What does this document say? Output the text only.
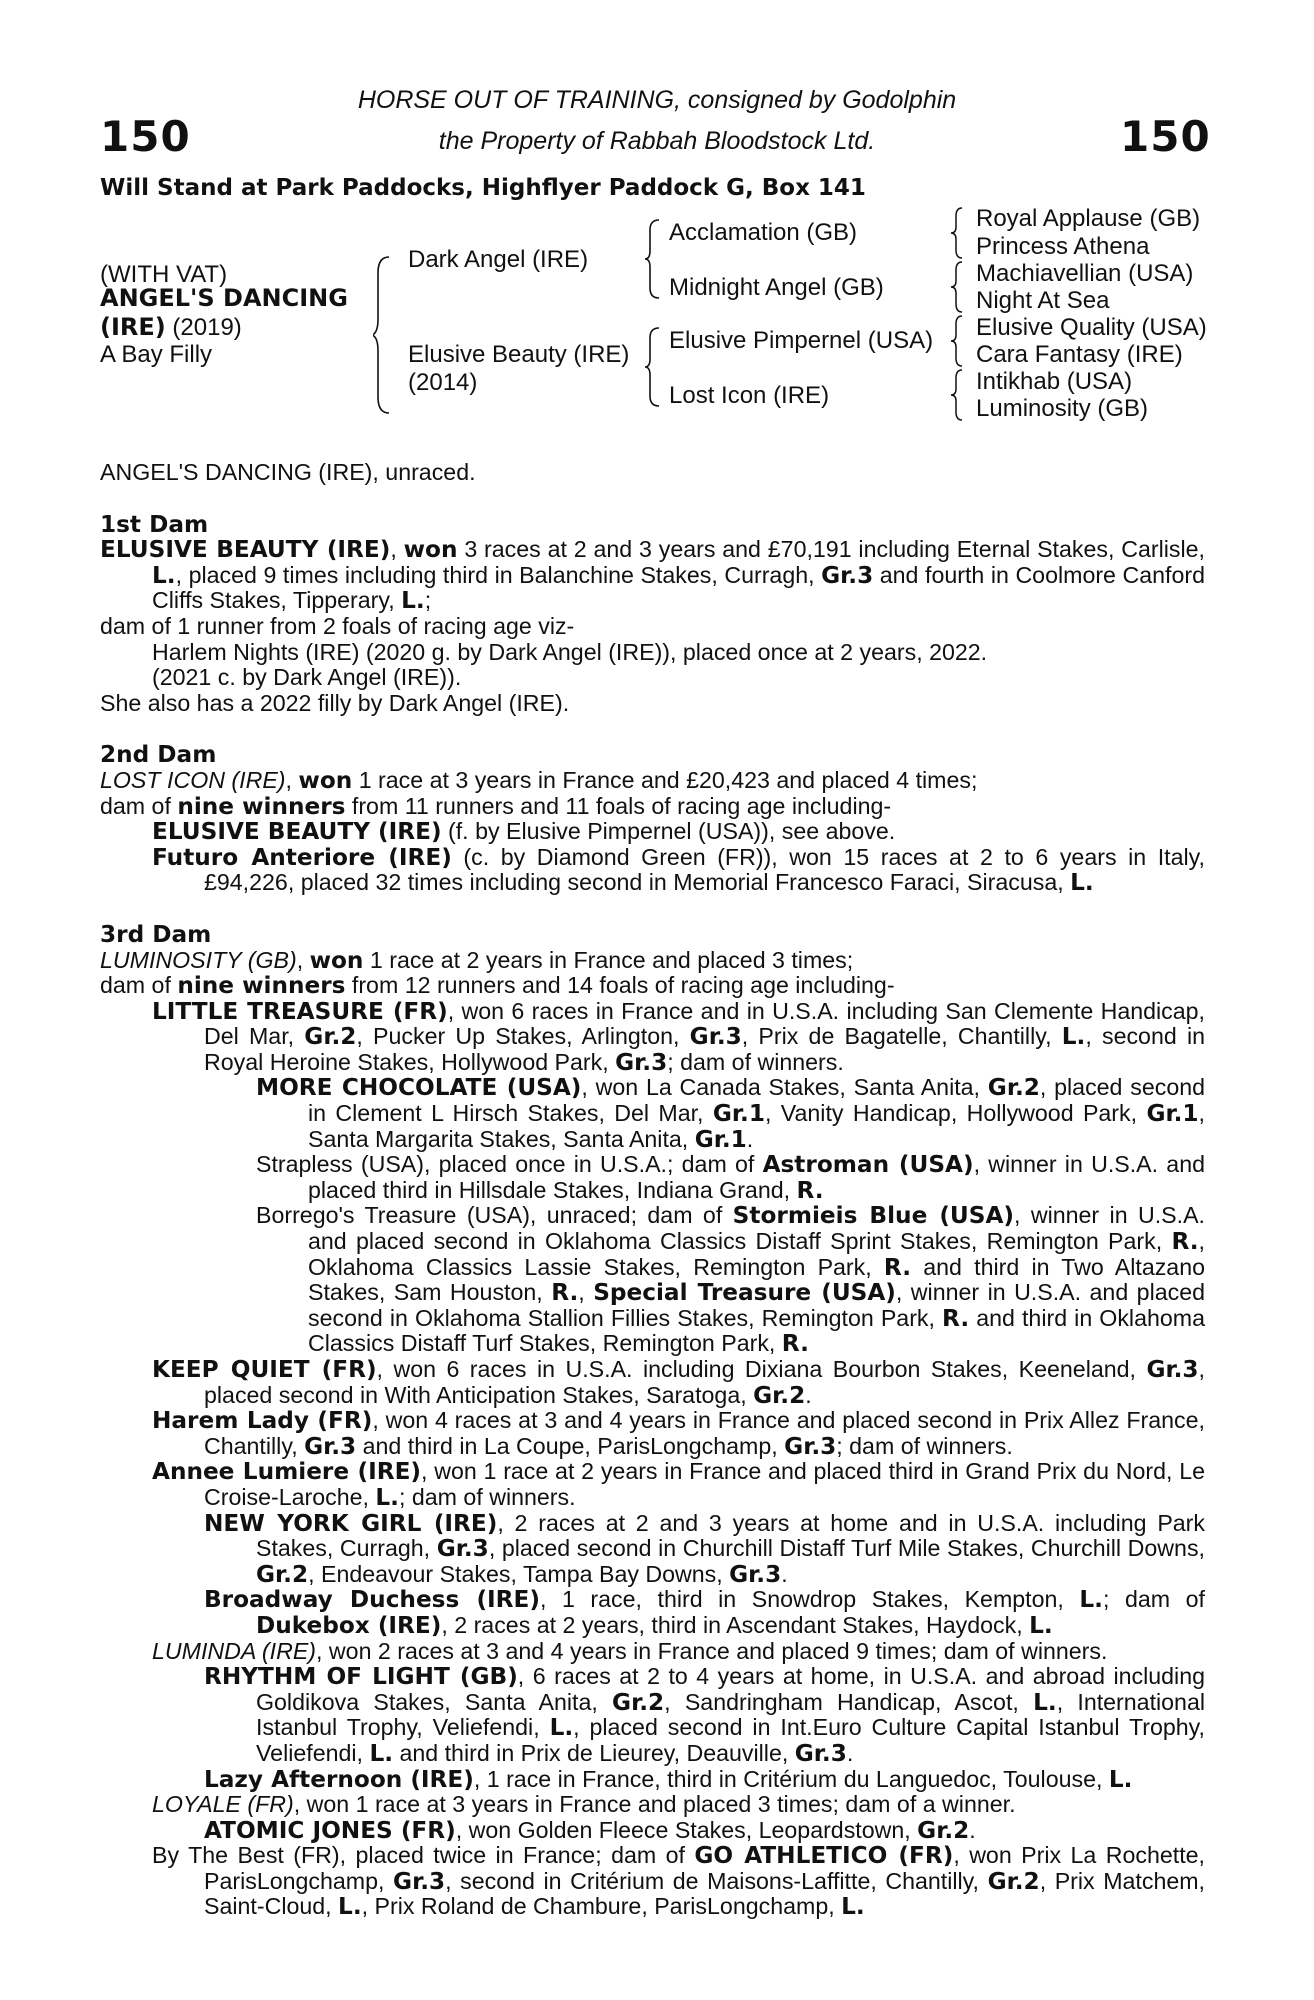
150	150
HORSE OUT OF TRAINING, consigned by Godolphin
the Property of Rabbah Bloodstock Ltd.
Will Stand at Park Paddocks, Highflyer Paddock G, Box 141
(WITH VAT)
ANGEL'S DANCING
(IRE) (2019)
A Bay Filly
Dark Angel (IRE)
Elusive Beauty (IRE)
(2014)
Acclamation (GB)
Midnight Angel (GB)
Elusive Pimpernel (USA)
Lost Icon (IRE)
Royal Applause (GB)
Princess Athena
Machiavellian (USA)
Night At Sea
Elusive Quality (USA)
Cara Fantasy (IRE)
Intikhab (USA)
Luminosity (GB)
ANGEL'S DANCING (IRE), unraced.
1st Dam
ELUSIVE BEAUTY (IRE), won 3 races at 2 and 3 years and £70,191 including Eternal Stakes, Carlisle, L., placed 9 times including third in Balanchine Stakes, Curragh, Gr.3 and fourth in Coolmore Canford Cliffs Stakes, Tipperary, L.;
dam of 1 runner from 2 foals of racing age viz-
Harlem Nights (IRE) (2020 g. by Dark Angel (IRE)), placed once at 2 years, 2022.
(2021 c. by Dark Angel (IRE)).
She also has a 2022 filly by Dark Angel (IRE).
2nd Dam
LOST ICON (IRE), won 1 race at 3 years in France and £20,423 and placed 4 times;
dam of nine winners from 11 runners and 11 foals of racing age including-
ELUSIVE BEAUTY (IRE) (f. by Elusive Pimpernel (USA)), see above.
Futuro Anteriore (IRE) (c. by Diamond Green (FR)), won 15 races at 2 to 6 years in Italy, £94,226, placed 32 times including second in Memorial Francesco Faraci, Siracusa, L.
3rd Dam
LUMINOSITY (GB), won 1 race at 2 years in France and placed 3 times;
dam of nine winners from 12 runners and 14 foals of racing age including-
LITTLE TREASURE (FR), won 6 races in France and in U.S.A. including San Clemente Handicap, Del Mar, Gr.2, Pucker Up Stakes, Arlington, Gr.3, Prix de Bagatelle, Chantilly, L., second in Royal Heroine Stakes, Hollywood Park, Gr.3; dam of winners.
MORE CHOCOLATE (USA), won La Canada Stakes, Santa Anita, Gr.2, placed second in Clement L Hirsch Stakes, Del Mar, Gr.1, Vanity Handicap, Hollywood Park, Gr.1, Santa Margarita Stakes, Santa Anita, Gr.1.
Strapless (USA), placed once in U.S.A.; dam of Astroman (USA), winner in U.S.A. and placed third in Hillsdale Stakes, Indiana Grand, R.
Borrego's Treasure (USA), unraced; dam of Stormieis Blue (USA), winner in U.S.A. and placed second in Oklahoma Classics Distaff Sprint Stakes, Remington Park, R., Oklahoma Classics Lassie Stakes, Remington Park, R. and third in Two Altazano Stakes, Sam Houston, R., Special Treasure (USA), winner in U.S.A. and placed second in Oklahoma Stallion Fillies Stakes, Remington Park, R. and third in Oklahoma Classics Distaff Turf Stakes, Remington Park, R.
KEEP QUIET (FR), won 6 races in U.S.A. including Dixiana Bourbon Stakes, Keeneland, Gr.3, placed second in With Anticipation Stakes, Saratoga, Gr.2.
Harem Lady (FR), won 4 races at 3 and 4 years in France and placed second in Prix Allez France, Chantilly, Gr.3 and third in La Coupe, ParisLongchamp, Gr.3; dam of winners.
Annee Lumiere (IRE), won 1 race at 2 years in France and placed third in Grand Prix du Nord, Le Croise-Laroche, L.; dam of winners.
NEW YORK GIRL (IRE), 2 races at 2 and 3 years at home and in U.S.A. including Park Stakes, Curragh, Gr.3, placed second in Churchill Distaff Turf Mile Stakes, Churchill Downs, Gr.2, Endeavour Stakes, Tampa Bay Downs, Gr.3.
Broadway Duchess (IRE), 1 race, third in Snowdrop Stakes, Kempton, L.; dam of Dukebox (IRE), 2 races at 2 years, third in Ascendant Stakes, Haydock, L.
LUMINDA (IRE), won 2 races at 3 and 4 years in France and placed 9 times; dam of winners.
RHYTHM OF LIGHT (GB), 6 races at 2 to 4 years at home, in U.S.A. and abroad including Goldikova Stakes, Santa Anita, Gr.2, Sandringham Handicap, Ascot, L., International Istanbul Trophy, Veliefendi, L., placed second in Int.Euro Culture Capital Istanbul Trophy, Veliefendi, L. and third in Prix de Lieurey, Deauville, Gr.3.
Lazy Afternoon (IRE), 1 race in France, third in Critérium du Languedoc, Toulouse, L.
LOYALE (FR), won 1 race at 3 years in France and placed 3 times; dam of a winner.
ATOMIC JONES (FR), won Golden Fleece Stakes, Leopardstown, Gr.2.
By The Best (FR), placed twice in France; dam of GO ATHLETICO (FR), won Prix La Rochette, ParisLongchamp, Gr.3, second in Critérium de Maisons-Laffitte, Chantilly, Gr.2, Prix Matchem, Saint-Cloud, L., Prix Roland de Chambure, ParisLongchamp, L.
